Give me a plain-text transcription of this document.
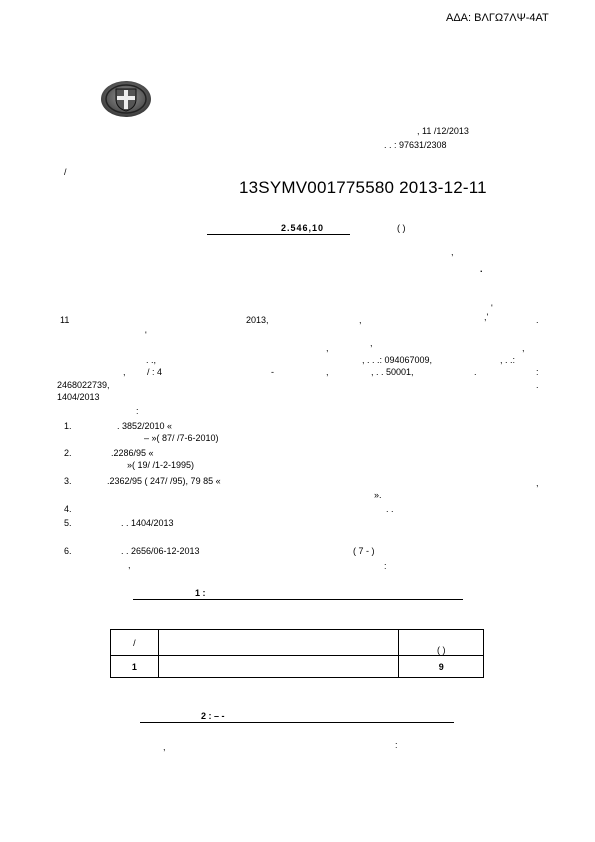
ΑΔΑ: ΒΛΓΩ7ΛΨ-4ΑΤ
, 11 /12/2013
. . : 97631/2308
/
13SYMV001775580 2013-12-11
2.546,10	( )
,
.
'
11	2013,	,	,'	.
'
,	,	,
. .,	, . . .: 094067009,	, . .:
, / : 4	-	,	, . . 50001,	.	:
2468022739,	.
1404/2013
:
1.	. 3852/2010 «
– »( 87/ /7-6-2010)
2.	.2286/95 «
»( 19/ /1-2-1995)
3.	.2362/95 ( 247/ /95), 79 85 «	,
».
4.	. .
5.	. . 1404/2013
6.	. . 2656/06-12-2013	( 7 - )
,	:
1 :
/		( )
1		9
2 : – -
,	:
